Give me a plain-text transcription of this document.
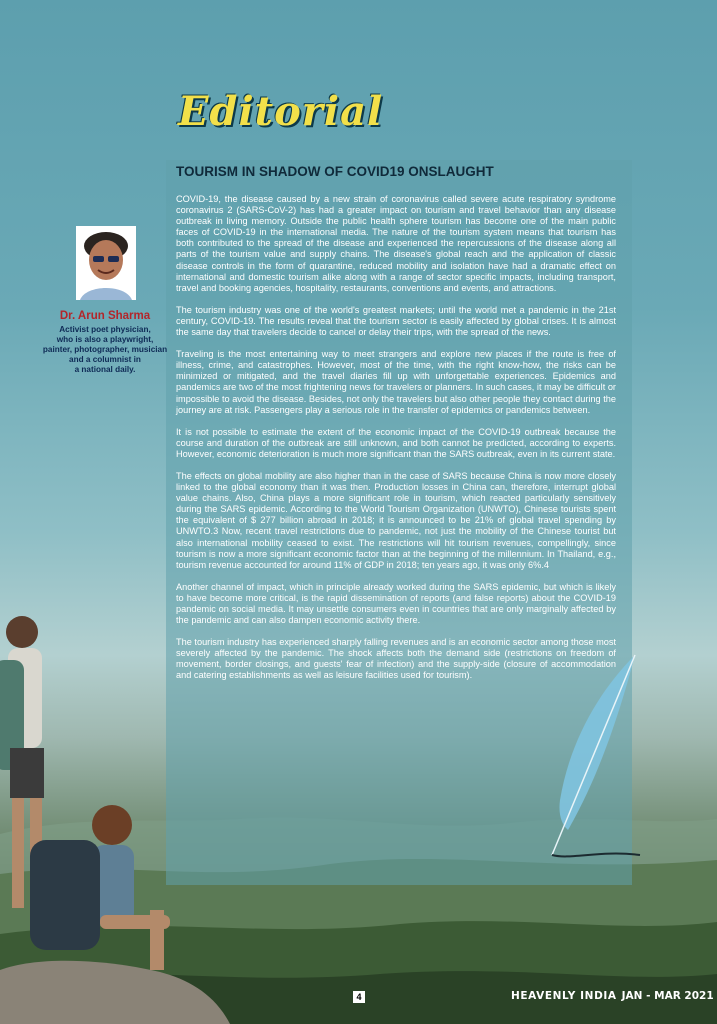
Editorial
TOURISM IN SHADOW OF COVID19 ONSLAUGHT
Dr. Arun Sharma
Activist poet physician,
who is also a playwright,
painter, photographer, musician
and a columnist in
a national daily.

COVID-19, the disease caused by a new strain of coronavirus called severe acute respiratory syndrome coronavirus 2 (SARS-CoV-2) has had a greater impact on tourism and travel behavior than any disease outbreak in living memory. Outside the public health sphere tourism has become one of the main public faces of COVID-19 in the international media. The nature of the tourism system means that tourism has both contributed to the spread of the disease and experienced the repercussions of the disease along all parts of the tourism value and supply chains. The disease's global reach and the application of classic disease controls in the form of quarantine, reduced mobility and isolation have had a dramatic effect on international and domestic tourism alike along with a range of sector specific impacts, including transport, travel and booking agencies, hospitality, restaurants, conventions and events, and attractions.

The tourism industry was one of the world's greatest markets; until the world met a pandemic in the 21st century, COVID-19. The results reveal that the tourism sector is easily affected by global crises. It is almost the same day that travelers decide to cancel or delay their trips, with the spread of the news.

Traveling is the most entertaining way to meet strangers and explore new places if the route is free of illness, crime, and catastrophes. However, most of the time, with the right know-how, the risks can be minimized or mitigated, and the travel diaries fill up with unforgettable experiences. Epidemics and pandemics are two of the most frightening news for travelers or planners. In such cases, it may be difficult or impossible to avoid the disease. Besides, not only the travelers but also other people they contact during the journey are at risk. Passengers play a serious role in the transfer of epidemics or pandemics between.

It is not possible to estimate the extent of the economic impact of the COVID-19 outbreak because the course and duration of the outbreak are still unknown, and both cannot be predicted, according to experts. However, economic deterioration is much more significant than the SARS outbreak, even in its current state.

The effects on global mobility are also higher than in the case of SARS because China is now more closely linked to the global economy than it was then. Production losses in China can, therefore, interrupt global value chains. Also, China plays a more significant role in tourism, which reacted particularly sensitively during the SARS epidemic. According to the World Tourism Organization (UNWTO), Chinese tourists spent the equivalent of $ 277 billion abroad in 2018; it is announced to be 21% of global travel spending by UNWTO.3 Now, recent travel restrictions due to pandemic, not just the mobility of the Chinese tourist but also international mobility ceased to exist. The restrictions will hit tourism revenues, compellingly, since tourism is now a more significant economic factor than at the beginning of the millennium. In Thailand, e.g., tourism revenue accounted for around 11% of GDP in 2018; ten years ago, it was only 6%.4

Another channel of impact, which in principle already worked during the SARS epidemic, but which is likely to have become more critical, is the rapid dissemination of reports (and false reports) about the COVID-19 pandemic on social media. It may unsettle consumers even in countries that are only marginally affected by the pandemic and can also dampen economic activity there.

The tourism industry has experienced sharply falling revenues and is an economic sector among those most severely affected by the pandemic. The shock affects both the demand side (restrictions on freedom of movement, border closings, and guests' fear of infection) and the supply-side (closure of accommodation and catering establishments as well as leisure facilities used for tourism).

4	HEAVENLY INDIA JAN - MAR 2021
